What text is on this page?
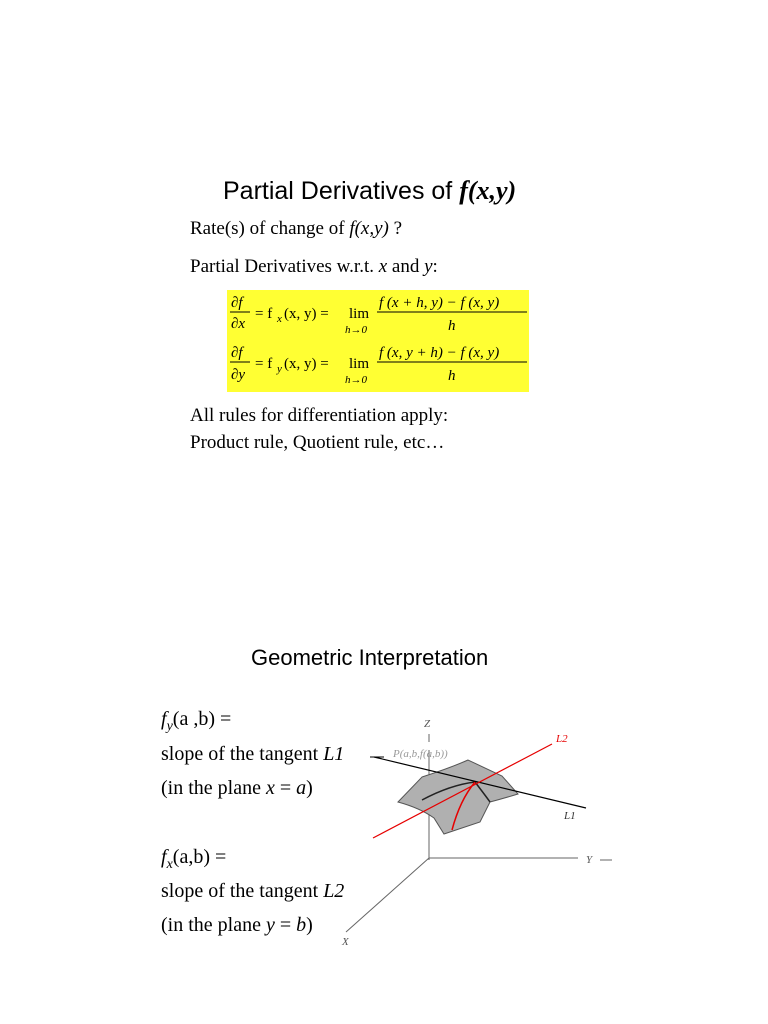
Partial Derivatives of f(x,y)
Rate(s) of change of f(x,y) ?
Partial Derivatives w.r.t. x and y:
∂f
∂x
= f x (x, y) = lim
h→0
f (x + h, y) − f (x, y)
h
∂f
∂y
= f y (x, y) = lim
h→0
f (x, y + h) − f (x, y)
h
All rules for differentiation apply:
Product rule, Quotient rule, etc…
Geometric Interpretation
$f_y(a$ ,b) =
slope of the tangent L1
(in the plane x = a)
$f_x(a,b)$ =
slope of the tangent L2
(in the plane y = b)
Z
P(a,b,f(a,b))
L2
L1
Y
X
